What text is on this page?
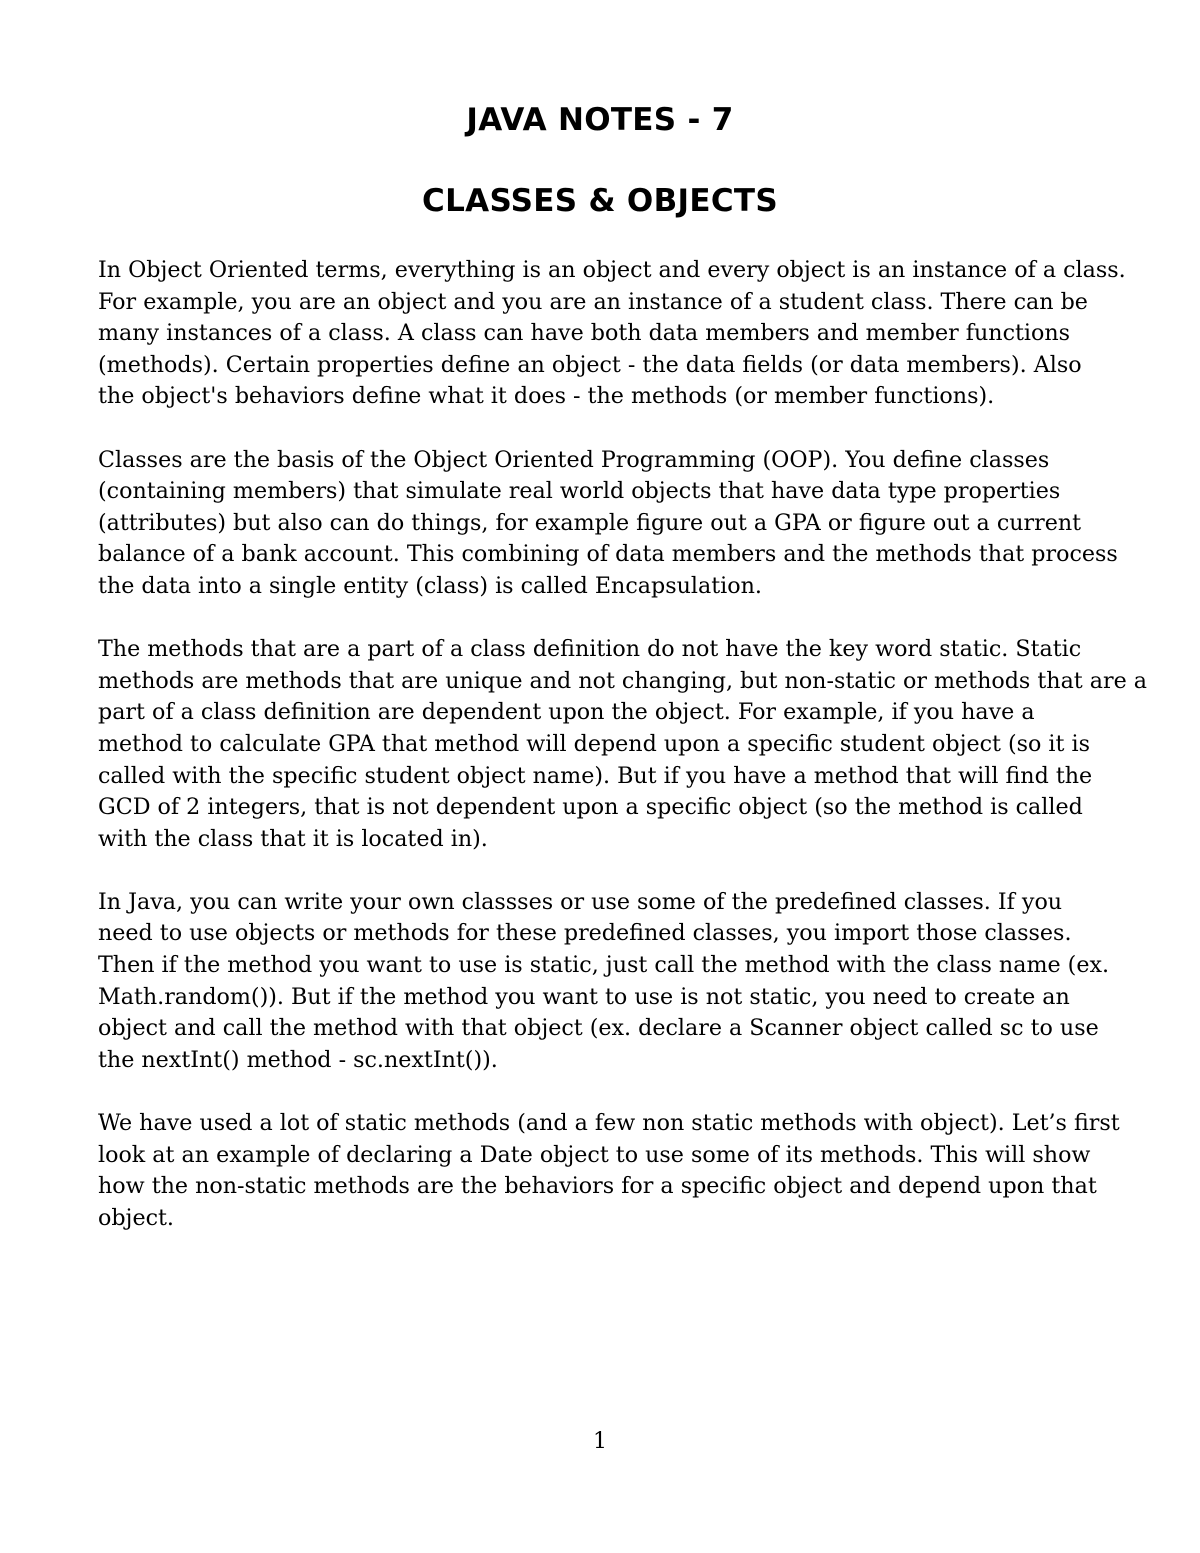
JAVA NOTES - 7
CLASSES & OBJECTS

In Object Oriented terms, everything is an object and every object is an instance of a class.
For example, you are an object and you are an instance of a student class. There can be
many instances of a class. A class can have both data members and member functions
(methods). Certain properties define an object - the data fields (or data members). Also
the object's behaviors define what it does - the methods (or member functions).

Classes are the basis of the Object Oriented Programming (OOP). You define classes
(containing members) that simulate real world objects that have data type properties
(attributes) but also can do things, for example figure out a GPA or figure out a current
balance of a bank account. This combining of data members and the methods that process
the data into a single entity (class) is called Encapsulation.

The methods that are a part of a class definition do not have the key word static. Static
methods are methods that are unique and not changing, but non-static or methods that are a
part of a class definition are dependent upon the object. For example, if you have a
method to calculate GPA that method will depend upon a specific student object (so it is
called with the specific student object name). But if you have a method that will find the
GCD of 2 integers, that is not dependent upon a specific object (so the method is called
with the class that it is located in).

In Java, you can write your own classses or use some of the predefined classes. If you
need to use objects or methods for these predefined classes, you import those classes.
Then if the method you want to use is static, just call the method with the class name (ex.
Math.random()). But if the method you want to use is not static, you need to create an
object and call the method with that object (ex. declare a Scanner object called sc to use
the nextInt() method - sc.nextInt()).

We have used a lot of static methods (and a few non static methods with object). Let’s first
look at an example of declaring a Date object to use some of its methods. This will show
how the non-static methods are the behaviors for a specific object and depend upon that
object.

1
